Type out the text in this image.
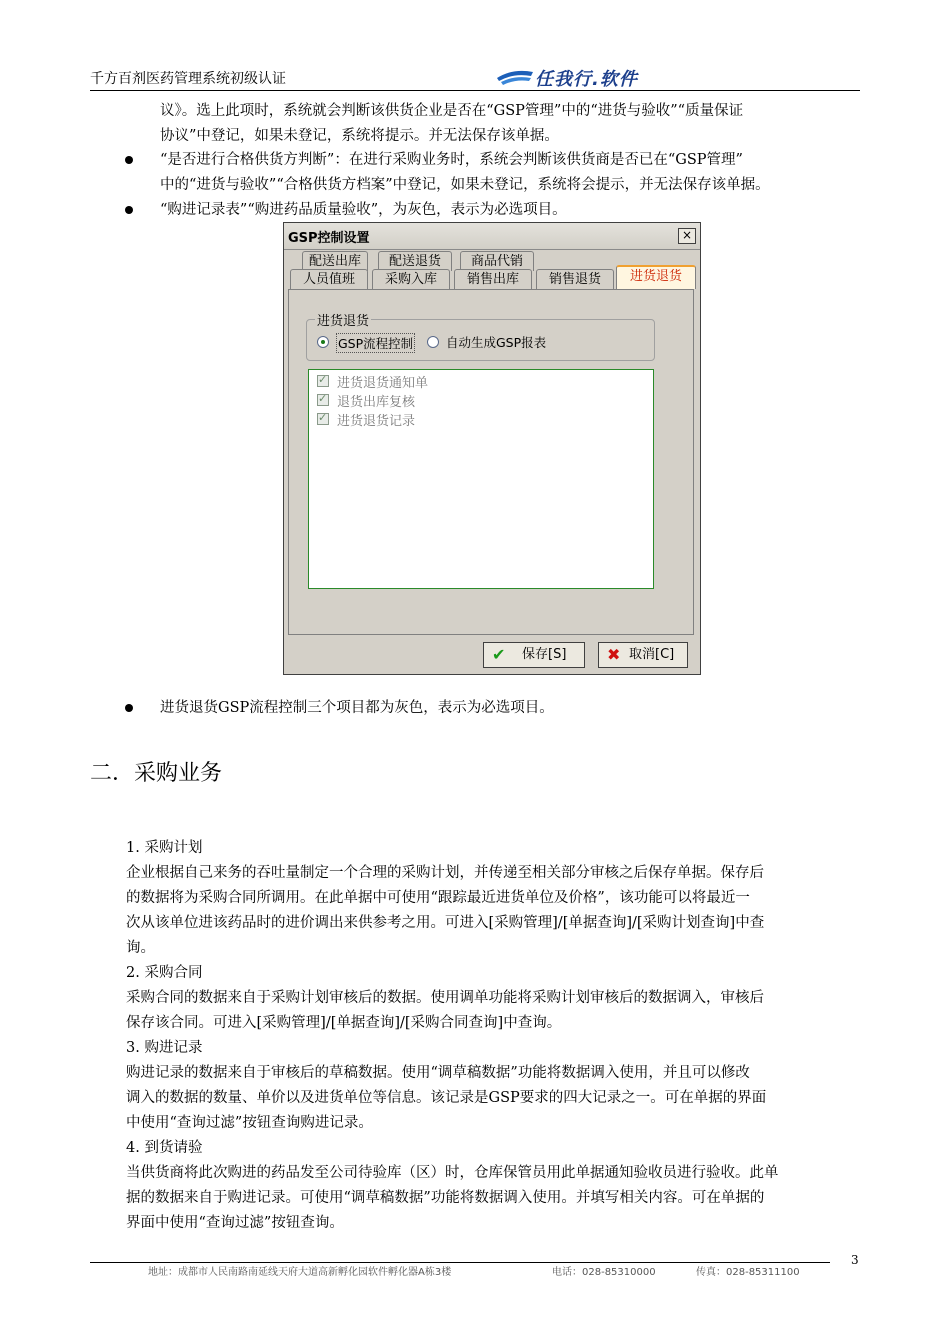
千方百剂医药管理系统初级认证	任我行.软件
议》。选上此项时，系统就会判断该供货企业是否在“GSP管理”中的“进货与验收”“质量保证
协议”中登记，如果未登记，系统将提示。并无法保存该单据。
“是否进行合格供货方判断”：在进行采购业务时，系统会判断该供货商是否已在“GSP管理”
中的“进货与验收”“合格供货方档案”中登记，如果未登记，系统将会提示，并无法保存该单据。
“购进记录表”“购进药品质量验收”，为灰色，表示为必选项目。
GSP控制设置	×
配送出库	配送退货	商品代销
人员值班	采购入库	销售出库	销售退货	进货退货
进货退货
GSP流程控制	自动生成GSP报表
✓
进货退货通知单
✓
退货出库复核
✓
进货退货记录
✔ 保存[S]	✖ 取消[C]
进货退货GSP流程控制三个项目都为灰色，表示为必选项目。
二．采购业务
1. 采购计划
企业根据自己来务的吞吐量制定一个合理的采购计划，并传递至相关部分审核之后保存单据。保存后
的数据将为采购合同所调用。在此单据中可使用“跟踪最近进货单位及价格”，该功能可以将最近一
次从该单位进该药品时的进价调出来供参考之用。可进入[采购管理]/[单据查询]/[采购计划查询]中查
询。
2. 采购合同
采购合同的数据来自于采购计划审核后的数据。使用调单功能将采购计划审核后的数据调入，审核后
保存该合同。可进入[采购管理]/[单据查询]/[采购合同查询]中查询。
3. 购进记录
购进记录的数据来自于审核后的草稿数据。使用“调草稿数据”功能将数据调入使用，并且可以修改
调入的数据的数量、单价以及进货单位等信息。该记录是GSP要求的四大记录之一。可在单据的界面
中使用“查询过滤”按钮查询购进记录。
4. 到货请验
当供货商将此次购进的药品发至公司待验库（区）时，仓库保管员用此单据通知验收员进行验收。此单
据的数据来自于购进记录。可使用“调草稿数据”功能将数据调入使用。并填写相关内容。可在单据的
界面中使用“查询过滤”按钮查询。
3
地址：成都市人民南路南延线天府大道高新孵化园软件孵化器A栋3楼	电话：028-85310000	传真：028-85311100
